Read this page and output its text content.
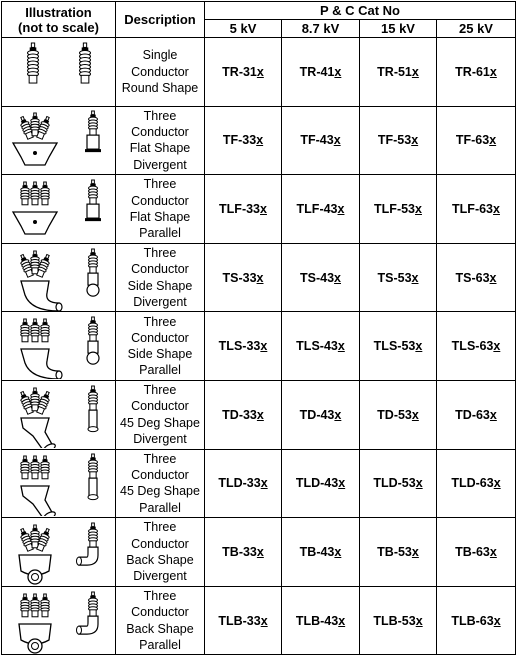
Illustration
(not to scale)	Description	P & C Cat No			
		5 kV	8.7 kV	15 kV	25 kV

	Single
Conductor
Round Shape	TR-31x	TR-41x	TR-51x	TR-61x

	Three
Conductor
Flat Shape
Divergent	TF-33x	TF-43x	TF-53x	TF-63x

	Three
Conductor
Flat Shape
Parallel	TLF-33x	TLF-43x	TLF-53x	TLF-63x

	Three
Conductor
Side Shape
Divergent	TS-33x	TS-43x	TS-53x	TS-63x

	Three
Conductor
Side Shape
Parallel	TLS-33x	TLS-43x	TLS-53x	TLS-63x

	Three
Conductor
45 Deg Shape
Divergent	TD-33x	TD-43x	TD-53x	TD-63x

	Three
Conductor
45 Deg Shape
Parallel	TLD-33x	TLD-43x	TLD-53x	TLD-63x

	Three
Conductor
Back Shape
Divergent	TB-33x	TB-43x	TB-53x	TB-63x

	Three
Conductor
Back Shape
Parallel	TLB-33x	TLB-43x	TLB-53x	TLB-63x
